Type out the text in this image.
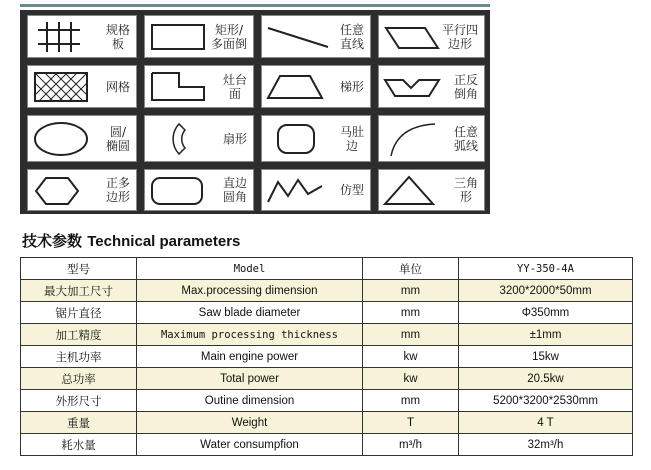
规格
板
矩形/
多面倒
任意
直线
平行四
边形
网格	灶台
面	梯形	正反
倒角
圆/
椭圆	扇形	马肚
边
任意
弧线
正多
边形
直边
圆角	仿型	三角
形
技术参数 Technical parameters
型号	Model	单位	YY-350-4A
最大加工尺寸	Max.processing dimension	mm	3200*2000*50mm
锯片直径	Saw blade diameter	mm	Φ350mm
加工精度	Maximum processing thickness	mm	±1mm
主机功率	Main engine power	kw	15kw
总功率	Total power	kw	20.5kw
外形尺寸	Outine dimension	mm	5200*3200*2530mm
重量	Weight	T	4 T
耗水量	Water consumpfion	m³/h	32m³/h
